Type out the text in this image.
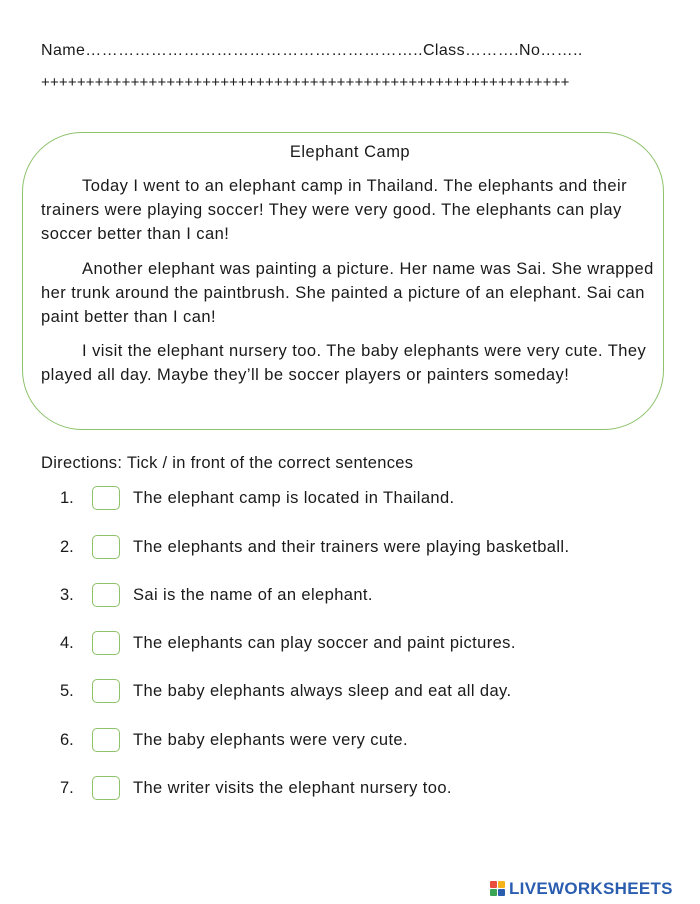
Name……………………………………………………..Class……….No……..
+++++++++++++++++++++++++++++++++++++++++++++++++++++++++++
Elephant Camp

Today I went to an elephant camp in Thailand. The elephants and their trainers were playing soccer! They were very good. The elephants can play soccer better than I can!

Another elephant was painting a picture. Her name was Sai. She wrapped her trunk around the paintbrush. She painted a picture of an elephant. Sai can paint better than I can!

I visit the elephant nursery too. The baby elephants were very cute. They played all day. Maybe they’ll be soccer players or painters someday!

Directions: Tick / in front of the correct sentences
1.	The elephant camp is located in Thailand.
2.	The elephants and their trainers were playing basketball.
3.	Sai is the name of an elephant.
4.	The elephants can play soccer and paint pictures.
5.	The baby elephants always sleep and eat all day.
6.	The baby elephants were very cute.
7.	The writer visits the elephant nursery too.
LIVEWORKSHEETS
